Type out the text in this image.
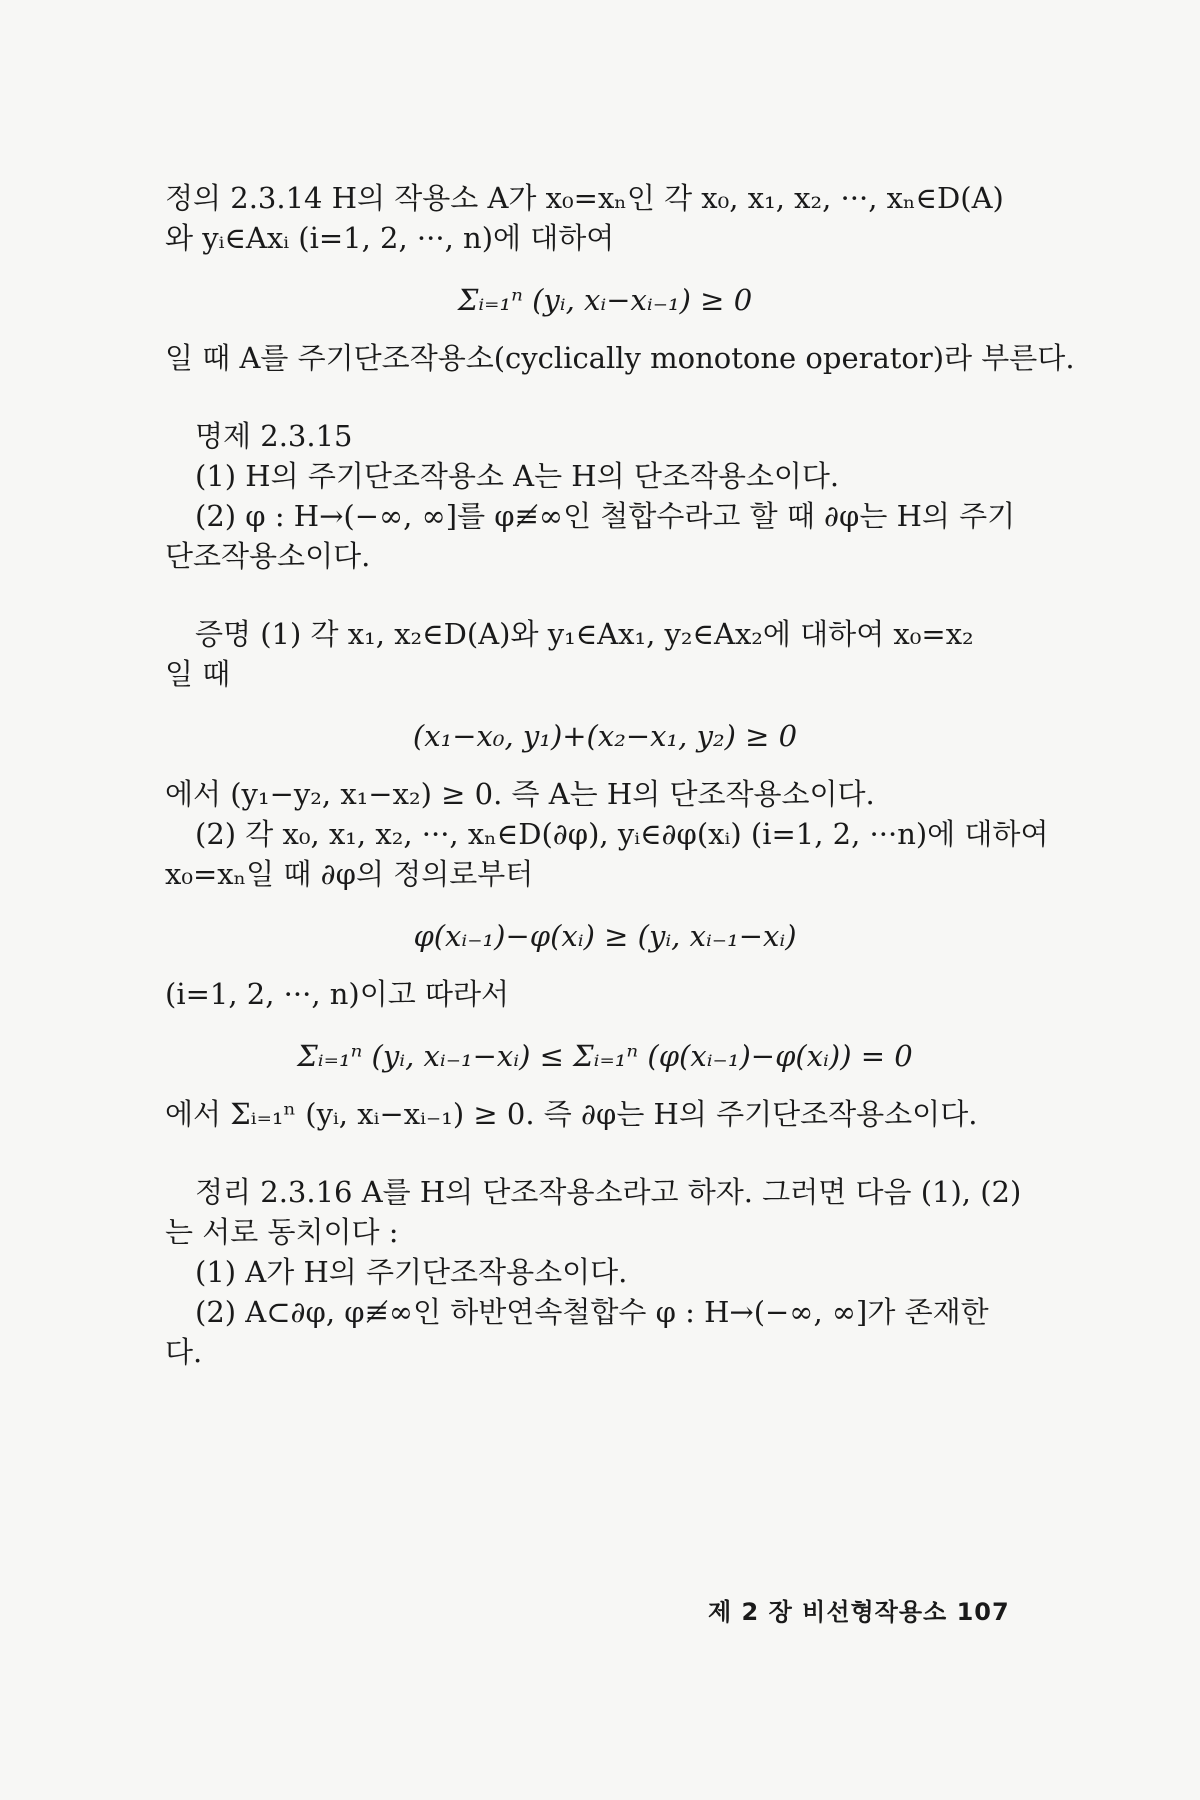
정의 2.3.14 H의 작용소 A가 x₀=xₙ인 각 x₀, x₁, x₂, ···, xₙ∈D(A)

와 yᵢ∈Axᵢ (i=1, 2, ···, n)에 대하여

Σᵢ₌₁ⁿ (yᵢ, xᵢ−xᵢ₋₁) ≥ 0

일 때 A를 주기단조작용소(cyclically monotone operator)라 부른다.

명제 2.3.15

(1) H의 주기단조작용소 A는 H의 단조작용소이다.

(2) φ : H→(−∞, ∞]를 φ≢∞인 철합수라고 할 때 ∂φ는 H의 주기

단조작용소이다.

증명 (1) 각 x₁, x₂∈D(A)와 y₁∈Ax₁, y₂∈Ax₂에 대하여 x₀=x₂

일 때

(x₁−x₀, y₁)+(x₂−x₁, y₂) ≥ 0

에서 (y₁−y₂, x₁−x₂) ≥ 0. 즉 A는 H의 단조작용소이다.

(2) 각 x₀, x₁, x₂, ···, xₙ∈D(∂φ), yᵢ∈∂φ(xᵢ) (i=1, 2, ···n)에 대하여

x₀=xₙ일 때 ∂φ의 정의로부터

φ(xᵢ₋₁)−φ(xᵢ) ≥ (yᵢ, xᵢ₋₁−xᵢ)

(i=1, 2, ···, n)이고 따라서

Σᵢ₌₁ⁿ (yᵢ, xᵢ₋₁−xᵢ) ≤ Σᵢ₌₁ⁿ (φ(xᵢ₋₁)−φ(xᵢ)) = 0

에서 Σᵢ₌₁ⁿ (yᵢ, xᵢ−xᵢ₋₁) ≥ 0. 즉 ∂φ는 H의 주기단조작용소이다.

정리 2.3.16 A를 H의 단조작용소라고 하자. 그러면 다음 (1), (2)

는 서로 동치이다 :

(1) A가 H의 주기단조작용소이다.

(2) A⊂∂φ, φ≢∞인 하반연속철합수 φ : H→(−∞, ∞]가 존재한

다.

제 2 장 비선형작용소 107
